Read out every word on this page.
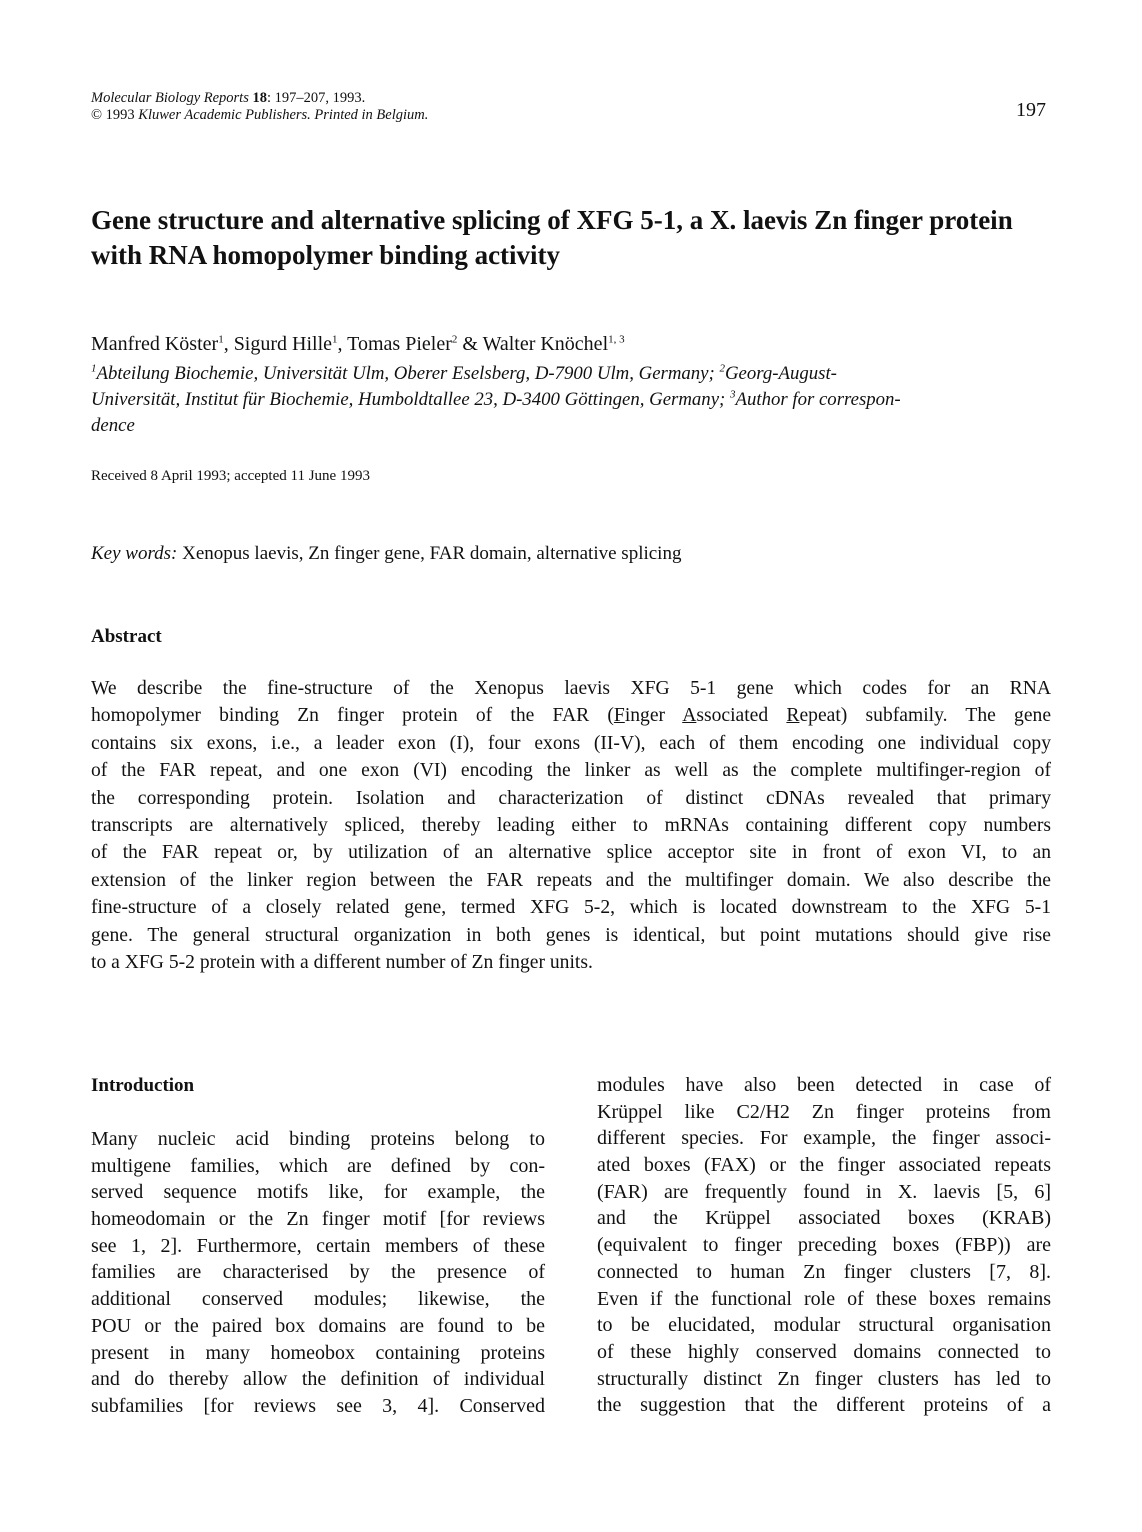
Molecular Biology Reports 18: 197–207, 1993.
© 1993 Kluwer Academic Publishers. Printed in Belgium.	197
Gene structure and alternative splicing of XFG 5-1, a X. laevis Zn finger protein with RNA homopolymer binding activity
Manfred Köster$^1$, Sigurd Hille$^1$, Tomas Pieler$^2$ & Walter Knöchel$^{1, 3}$
$^1$Abteilung Biochemie, Universität Ulm, Oberer Eselsberg, D-7900 Ulm, Germany; $^2$Georg-August-
Universität, Institut für Biochemie, Humboldtallee 23, D-3400 Göttingen, Germany; $^3$Author for correspon-
dence
Received 8 April 1993; accepted 11 June 1993
Key words: Xenopus laevis, Zn finger gene, FAR domain, alternative splicing
Abstract
We describe the fine-structure of the Xenopus laevis XFG 5-1 gene which codes for an RNA
homopolymer binding Zn finger protein of the FAR (Finger Associated Repeat) subfamily. The gene
contains six exons, i.e., a leader exon (I), four exons (II-V), each of them encoding one individual copy
of the FAR repeat, and one exon (VI) encoding the linker as well as the complete multifinger-region of
the corresponding protein. Isolation and characterization of distinct cDNAs revealed that primary
transcripts are alternatively spliced, thereby leading either to mRNAs containing different copy numbers
of the FAR repeat or, by utilization of an alternative splice acceptor site in front of exon VI, to an
extension of the linker region between the FAR repeats and the multifinger domain. We also describe the
fine-structure of a closely related gene, termed XFG 5-2, which is located downstream to the XFG 5-1
gene. The general structural organization in both genes is identical, but point mutations should give rise
to a XFG 5-2 protein with a different number of Zn finger units.
Introduction
Many nucleic acid binding proteins belong to
multigene families, which are defined by con-
served sequence motifs like, for example, the
homeodomain or the Zn finger motif [for reviews
see 1, 2]. Furthermore, certain members of these
families are characterised by the presence of
additional conserved modules; likewise, the
POU or the paired box domains are found to be
present in many homeobox containing proteins
and do thereby allow the definition of individual
subfamilies [for reviews see 3, 4]. Conserved
modules have also been detected in case of
Krüppel like C2/H2 Zn finger proteins from
different species. For example, the finger associ-
ated boxes (FAX) or the finger associated repeats
(FAR) are frequently found in X. laevis [5, 6]
and the Krüppel associated boxes (KRAB)
(equivalent to finger preceding boxes (FBP)) are
connected to human Zn finger clusters [7, 8].
Even if the functional role of these boxes remains
to be elucidated, modular structural organisation
of these highly conserved domains connected to
structurally distinct Zn finger clusters has led to
the suggestion that the different proteins of a
